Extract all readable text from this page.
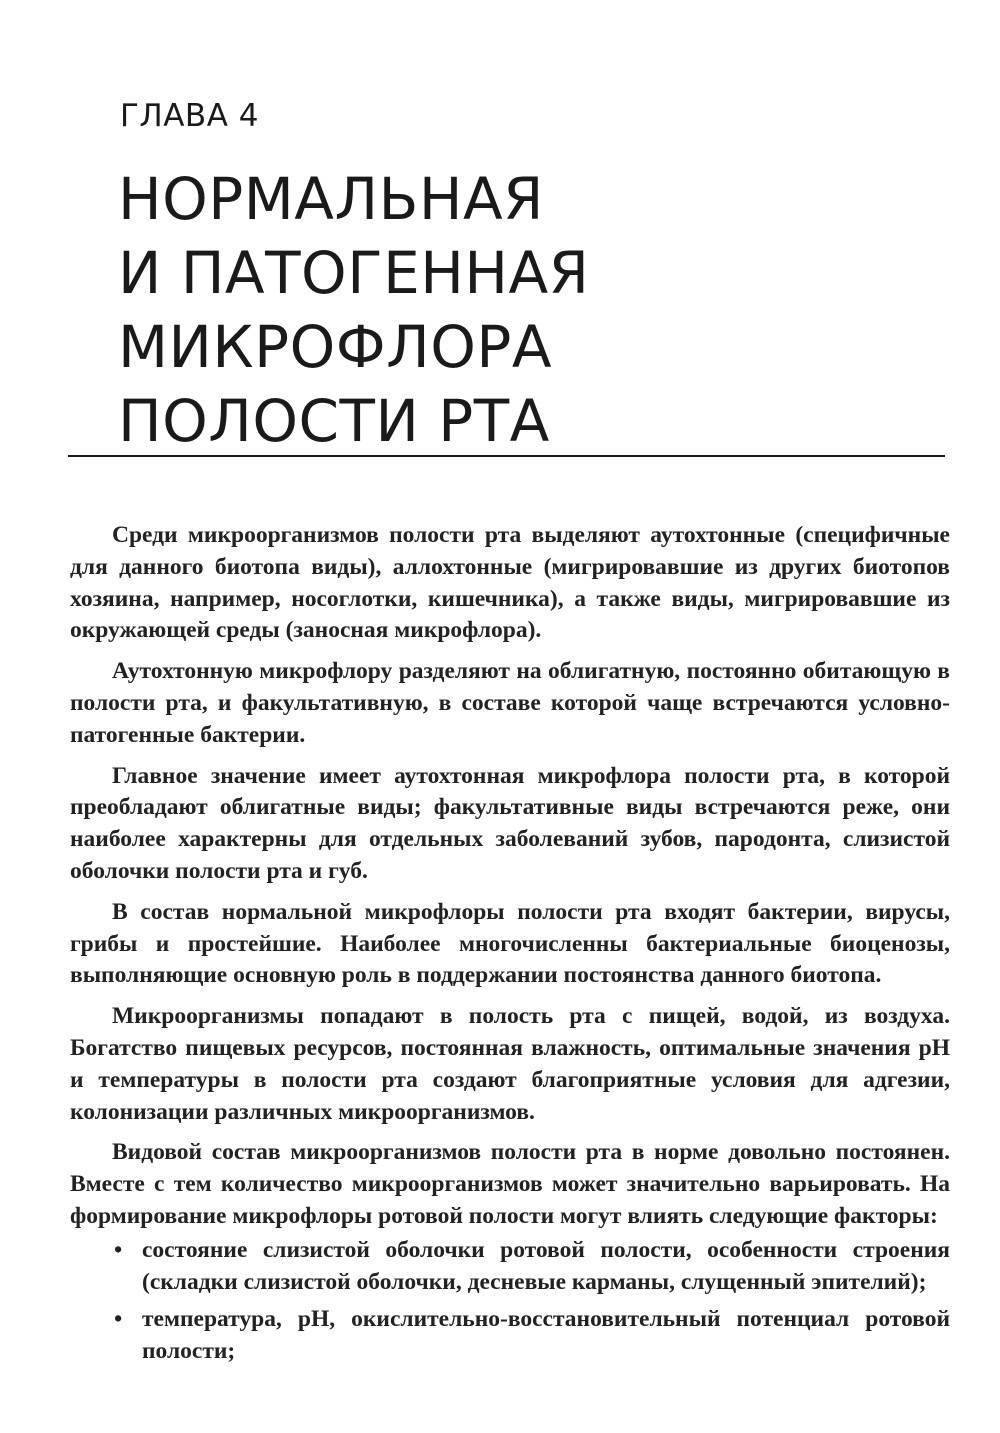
ГЛАВА 4
НОРМАЛЬНАЯ
И ПАТОГЕННАЯ
МИКРОФЛОРА
ПОЛОСТИ РТА

Среди микроорганизмов полости рта выделяют аутохтонные (специфичные для данного биотопа виды), аллохтонные (мигрировавшие из других биотопов хозяина, например, носоглотки, кишечника), а также виды, мигрировавшие из окружающей среды (заносная микрофлора).

Аутохтонную микрофлору разделяют на облигатную, постоянно обитающую в полости рта, и факультативную, в составе которой чаще встречаются условно-патогенные бактерии.

Главное значение имеет аутохтонная микрофлора полости рта, в которой преобладают облигатные виды; факультативные виды встречаются реже, они наиболее характерны для отдельных заболеваний зубов, пародонта, слизистой оболочки полости рта и губ.

В состав нормальной микрофлоры полости рта входят бактерии, вирусы, грибы и простейшие. Наиболее многочисленны бактериальные биоценозы, выполняющие основную роль в поддержании постоянства данного биотопа.

Микроорганизмы попадают в полость рта с пищей, водой, из воздуха. Богатство пищевых ресурсов, постоянная влажность, оптимальные значения pH и температуры в полости рта создают благоприятные условия для адгезии, колонизации различных микроорганизмов.

Видовой состав микроорганизмов полости рта в норме довольно постоянен. Вместе с тем количество микроорганизмов может значительно варьировать. На формирование микрофлоры ротовой полости могут влиять следующие факторы:

• состояние слизистой оболочки ротовой полости, особенности строения (складки слизистой оболочки, десневые карманы, слущенный эпителий);
• температура, pH, окислительно-восстановительный потенциал ротовой полости;
